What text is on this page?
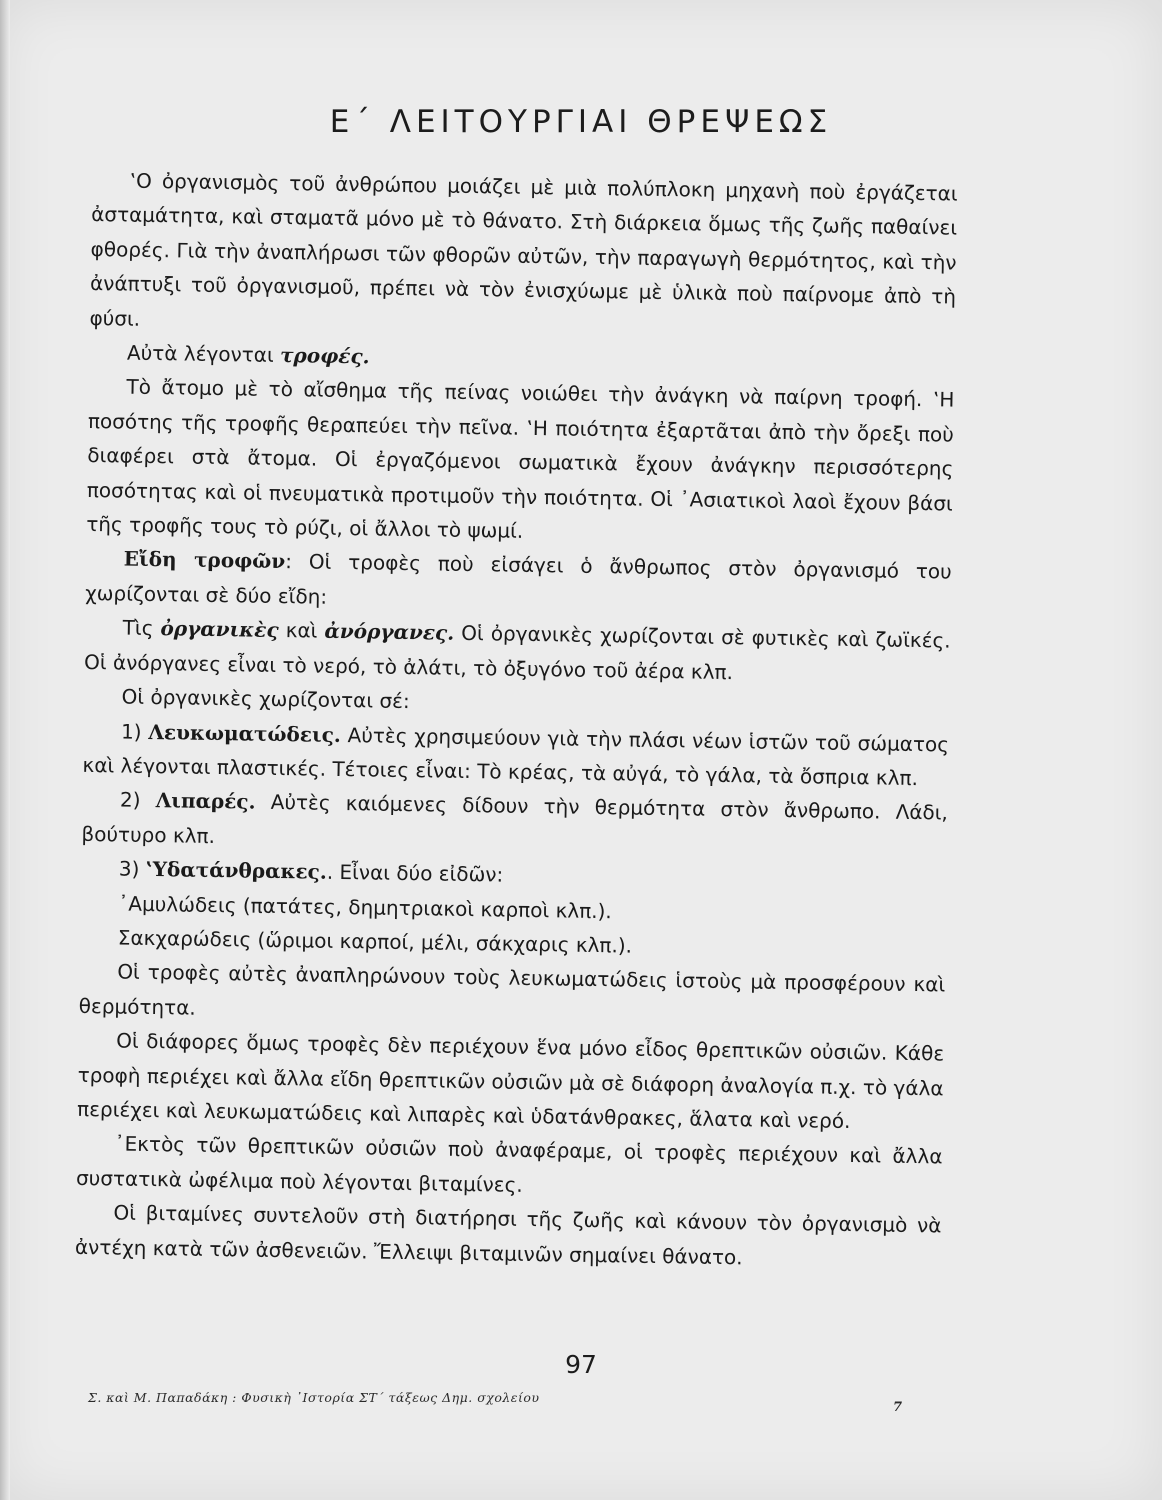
Ε΄ ΛΕΙΤΟΥΡΓΙΑΙ ΘΡΕΨΕΩΣ

‛Ο ὀργανισμὸς τοῦ ἀνθρώπου μοιάζει μὲ μιὰ πολύπλοκη μηχανὴ ποὺ ἐργάζεται ἀσταμάτητα, καὶ σταματᾶ μόνο μὲ τὸ θάνατο. Στὴ διάρκεια ὅμως τῆς ζωῆς παθαίνει φθορές. Γιὰ τὴν ἀναπλήρωσι τῶν φθορῶν αὐτῶν, τὴν παραγωγὴ θερμότητος, καὶ τὴν ἀνάπτυξι τοῦ ὀργανισμοῦ, πρέπει νὰ τὸν ἐνισχύωμε μὲ ὑλικὰ ποὺ παίρνομε ἀπὸ τὴ φύσι.

Αὐτὰ λέγονται τροφές.

Τὸ ἄτομο μὲ τὸ αἴσθημα τῆς πείνας νοιώθει τὴν ἀνάγκη νὰ παίρνη τροφή. ‛Η ποσότης τῆς τροφῆς θεραπεύει τὴν πεῖνα. ‛Η ποιότητα ἐξαρτᾶται ἀπὸ τὴν ὄρεξι ποὺ διαφέρει στὰ ἄτομα. Οἱ ἐργαζόμενοι σωματικὰ ἔχουν ἀνάγκην περισσότερης ποσότητας καὶ οἱ πνευματικὰ προτιμοῦν τὴν ποιότητα. Οἱ ᾿Ασιατικοὶ λαοὶ ἔχουν βάσι τῆς τροφῆς τους τὸ ρύζι, οἱ ἄλλοι τὸ ψωμί.

Εἴδη τροφῶν: Οἱ τροφὲς ποὺ εἰσάγει ὁ ἄνθρωπος στὸν ὀργανισμό του χωρίζονται σὲ δύο εἴδη:

Τὶς ὀργανικὲς καὶ ἀνόργανες. Οἱ ὀργανικὲς χωρίζονται σὲ φυτικὲς καὶ ζωϊκές. Οἱ ἀνόργανες εἶναι τὸ νερό, τὸ ἀλάτι, τὸ ὀξυγόνο τοῦ ἀέρα κλπ.

Οἱ ὀργανικὲς χωρίζονται σέ:

1) Λευκωματώδεις. Αὐτὲς χρησιμεύουν γιὰ τὴν πλάσι νέων ἱστῶν τοῦ σώματος καὶ λέγονται πλαστικές. Τέτοιες εἶναι: Τὸ κρέας, τὰ αὐγά, τὸ γάλα, τὰ ὄσπρια κλπ.

2) Λιπαρές. Αὐτὲς καιόμενες δίδουν τὴν θερμότητα στὸν ἄνθρωπο. Λάδι, βούτυρο κλπ.

3) ‛Υδατάνθρακες.. Εἶναι δύο εἰδῶν:

᾿Αμυλώδεις (πατάτες, δημητριακοὶ καρποὶ κλπ.).

Σακχαρώδεις (ὥριμοι καρποί, μέλι, σάκχαρις κλπ.).

Οἱ τροφὲς αὐτὲς ἀναπληρώνουν τοὺς λευκωματώδεις ἱστοὺς μὰ προσφέρουν καὶ θερμότητα.

Οἱ διάφορες ὅμως τροφὲς δὲν περιέχουν ἕνα μόνο εἶδος θρεπτικῶν οὐσιῶν. Κάθε τροφὴ περιέχει καὶ ἄλλα εἴδη θρεπτικῶν οὐσιῶν μὰ σὲ διάφορη ἀναλογία π.χ. τὸ γάλα περιέχει καὶ λευκωματώδεις καὶ λιπαρὲς καὶ ὑδατάνθρακες, ἅλατα καὶ νερό.

᾿Εκτὸς τῶν θρεπτικῶν οὐσιῶν ποὺ ἀναφέραμε, οἱ τροφὲς περιέχουν καὶ ἄλλα συστατικὰ ὠφέλιμα ποὺ λέγονται βιταμίνες.

Οἱ βιταμίνες συντελοῦν στὴ διατήρησι τῆς ζωῆς καὶ κάνουν τὸν ὀργανισμὸ νὰ ἀντέχη κατὰ τῶν ἀσθενειῶν. Ἔλλειψι βιταμινῶν σημαίνει θάνατο.

97
Σ. καὶ Μ. Παπαδάκη : Φυσικὴ ᾿Ιστορία ΣΤ΄ τάξεως Δημ. σχολείου
7
